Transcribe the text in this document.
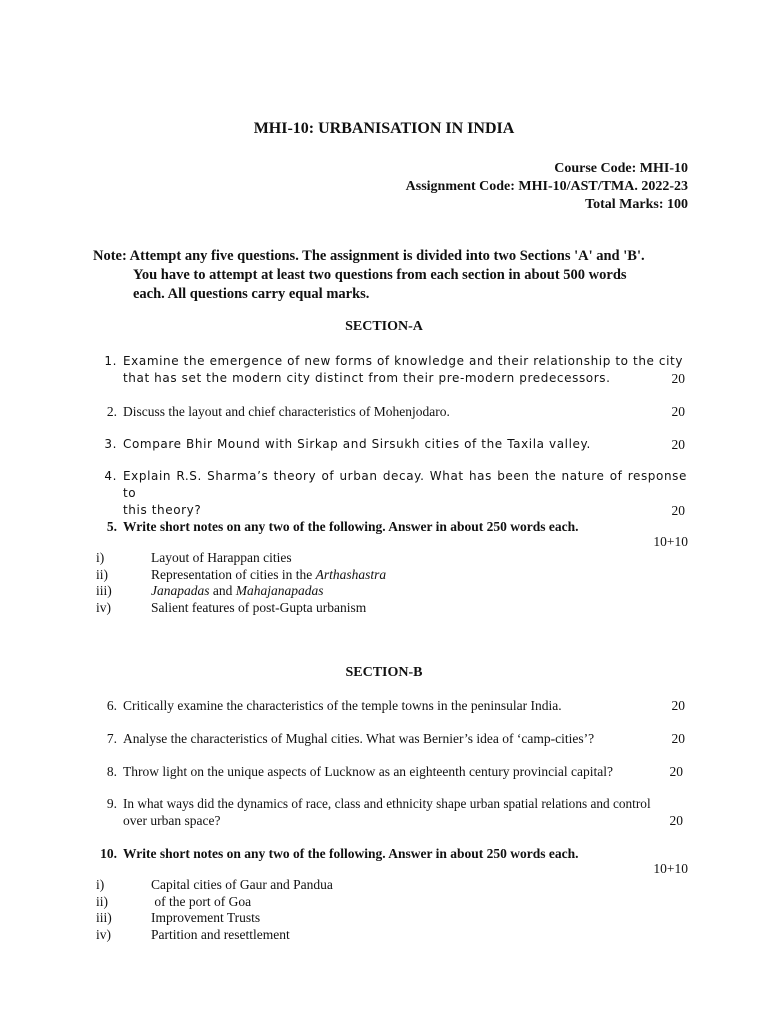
MHI-10: URBANISATION IN INDIA
Course Code: MHI-10
Assignment Code: MHI-10/AST/TMA. 2022-23
Total Marks: 100

Note: Attempt any five questions. The assignment is divided into two Sections 'A' and 'B'.

You have to attempt at least two questions from each section in about 500 words

each. All questions carry equal marks.

SECTION-A
1. Examine the emergence of new forms of knowledge and their relationship to the city
that has set the modern city distinct from their pre-modern predecessors.	20
2. Discuss the layout and chief characteristics of Mohenjodaro.	20
3. Compare Bhir Mound with Sirkap and Sirsukh cities of the Taxila valley.	20
4. Explain R.S. Sharma’s theory of urban decay. What has been the nature of response to
this theory?	20
5. Write short notes on any two of the following. Answer in about 250 words each.
10+10
i)	Layout of Harappan cities
ii)	Representation of cities in the Arthashastra
iii)	Janapadas and Mahajanapadas
iv)	Salient features of post-Gupta urbanism
SECTION-B
6. Critically examine the characteristics of the temple towns in the peninsular India.	20
7. Analyse the characteristics of Mughal cities. What was Bernier’s idea of ‘camp-cities’?	20
8. Throw light on the unique aspects of Lucknow as an eighteenth century provincial capital?	20
9. In what ways did the dynamics of race, class and ethnicity shape urban spatial relations and control
over urban space?	20
10. Write short notes on any two of the following. Answer in about 250 words each.
10+10
i)	Capital cities of Gaur and Pandua
ii)	of the port of Goa
iii)	Improvement Trusts
iv)	Partition and resettlement
